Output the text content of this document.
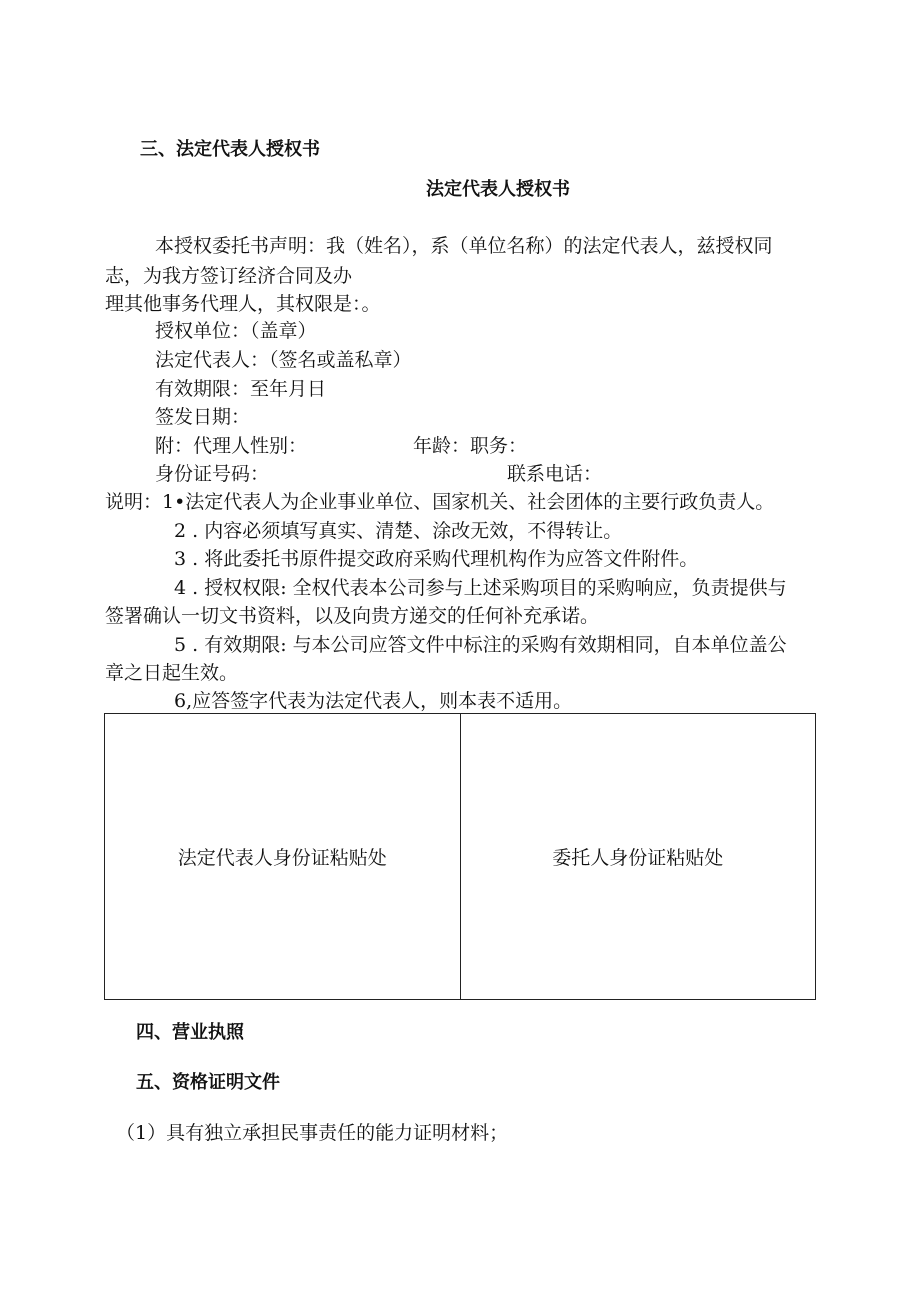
三、法定代表人授权书
法定代表人授权书
本授权委托书声明：我（姓名），系（单位名称）的法定代表人，兹授权同
志，为我方签订经济合同及办
理其他事务代理人，其权限是：。
授权单位：（盖章）
法定代表人：（签名或盖私章）
有效期限：至年月日
签发日期：
附：代理人性别：	年龄：职务：
身份证号码：	联系电话：
说明：1•法定代表人为企业事业单位、国家机关、社会团体的主要行政负责人。
2 . 内容必须填写真实、清楚、涂改无效，不得转让。
3 . 将此委托书原件提交政府采购代理机构作为应答文件附件。
4 . 授权权限: 全权代表本公司参与上述采购项目的采购响应，负责提供与
签署确认一切文书资料，以及向贵方递交的任何补充承诺。
5 . 有效期限: 与本公司应答文件中标注的采购有效期相同，自本单位盖公
章之日起生效。
6,应答签字代表为法定代表人，则本表不适用。
法定代表人身份证粘贴处	委托人身份证粘贴处
四、营业执照
五、资格证明文件
（1）具有独立承担民事责任的能力证明材料；
